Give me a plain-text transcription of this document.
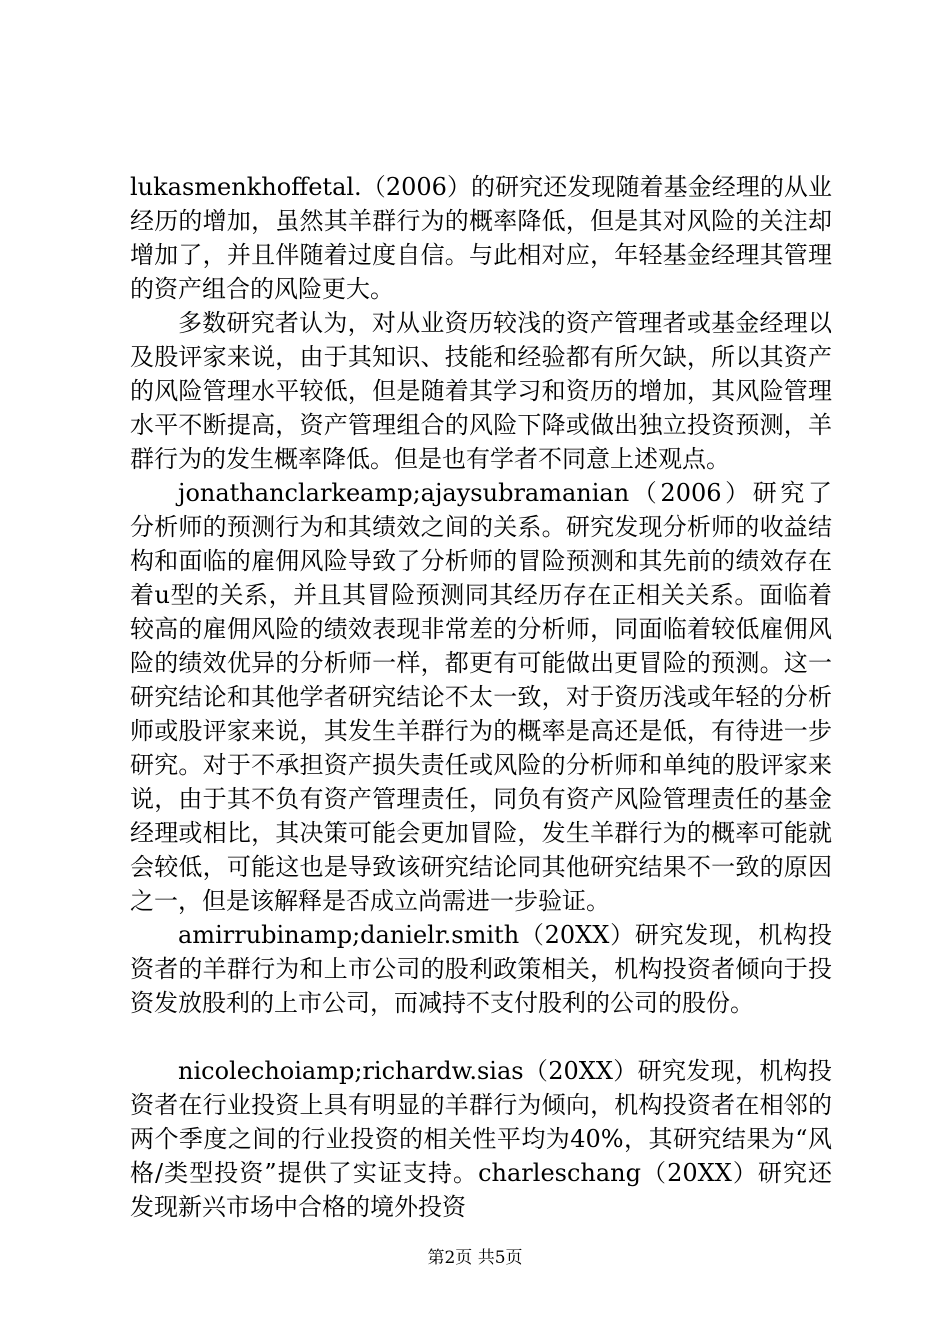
lukasmenkhoffetal.（2006）的研究还发现随着基金经理的从业经历的增加，虽然其羊群行为的概率降低，但是其对风险的关注却增加了，并且伴随着过度自信。与此相对应，年轻基金经理其管理的资产组合的风险更大。

多数研究者认为，对从业资历较浅的资产管理者或基金经理以及股评家来说，由于其知识、技能和经验都有所欠缺，所以其资产的风险管理水平较低，但是随着其学习和资历的增加，其风险管理水平不断提高，资产管理组合的风险下降或做出独立投资预测，羊群行为的发生概率降低。但是也有学者不同意上述观点。

jonathanclarkeamp;ajaysubramanian（2006）研究了分析师的预测行为和其绩效之间的关系。研究发现分析师的收益结构和面临的雇佣风险导致了分析师的冒险预测和其先前的绩效存在着u型的关系，并且其冒险预测同其经历存在正相关关系。面临着较高的雇佣风险的绩效表现非常差的分析师，同面临着较低雇佣风险的绩效优异的分析师一样，都更有可能做出更冒险的预测。这一研究结论和其他学者研究结论不太一致，对于资历浅或年轻的分析师或股评家来说，其发生羊群行为的概率是高还是低，有待进一步研究。对于不承担资产损失责任或风险的分析师和单纯的股评家来说，由于其不负有资产管理责任，同负有资产风险管理责任的基金经理或相比，其决策可能会更加冒险，发生羊群行为的概率可能就会较低，可能这也是导致该研究结论同其他研究结果不一致的原因之一，但是该解释是否成立尚需进一步验证。

amirrubinamp;danielr.smith（20XX）研究发现，机构投资者的羊群行为和上市公司的股利政策相关，机构投资者倾向于投资发放股利的上市公司，而减持不支付股利的公司的股份。

nicolechoiamp;richardw.sias（20XX）研究发现，机构投资者在行业投资上具有明显的羊群行为倾向，机构投资者在相邻的两个季度之间的行业投资的相关性平均为40%，其研究结果为“风格/类型投资”提供了实证支持。charleschang（20XX）研究还发现新兴市场中合格的境外投资

第2页 共5页
